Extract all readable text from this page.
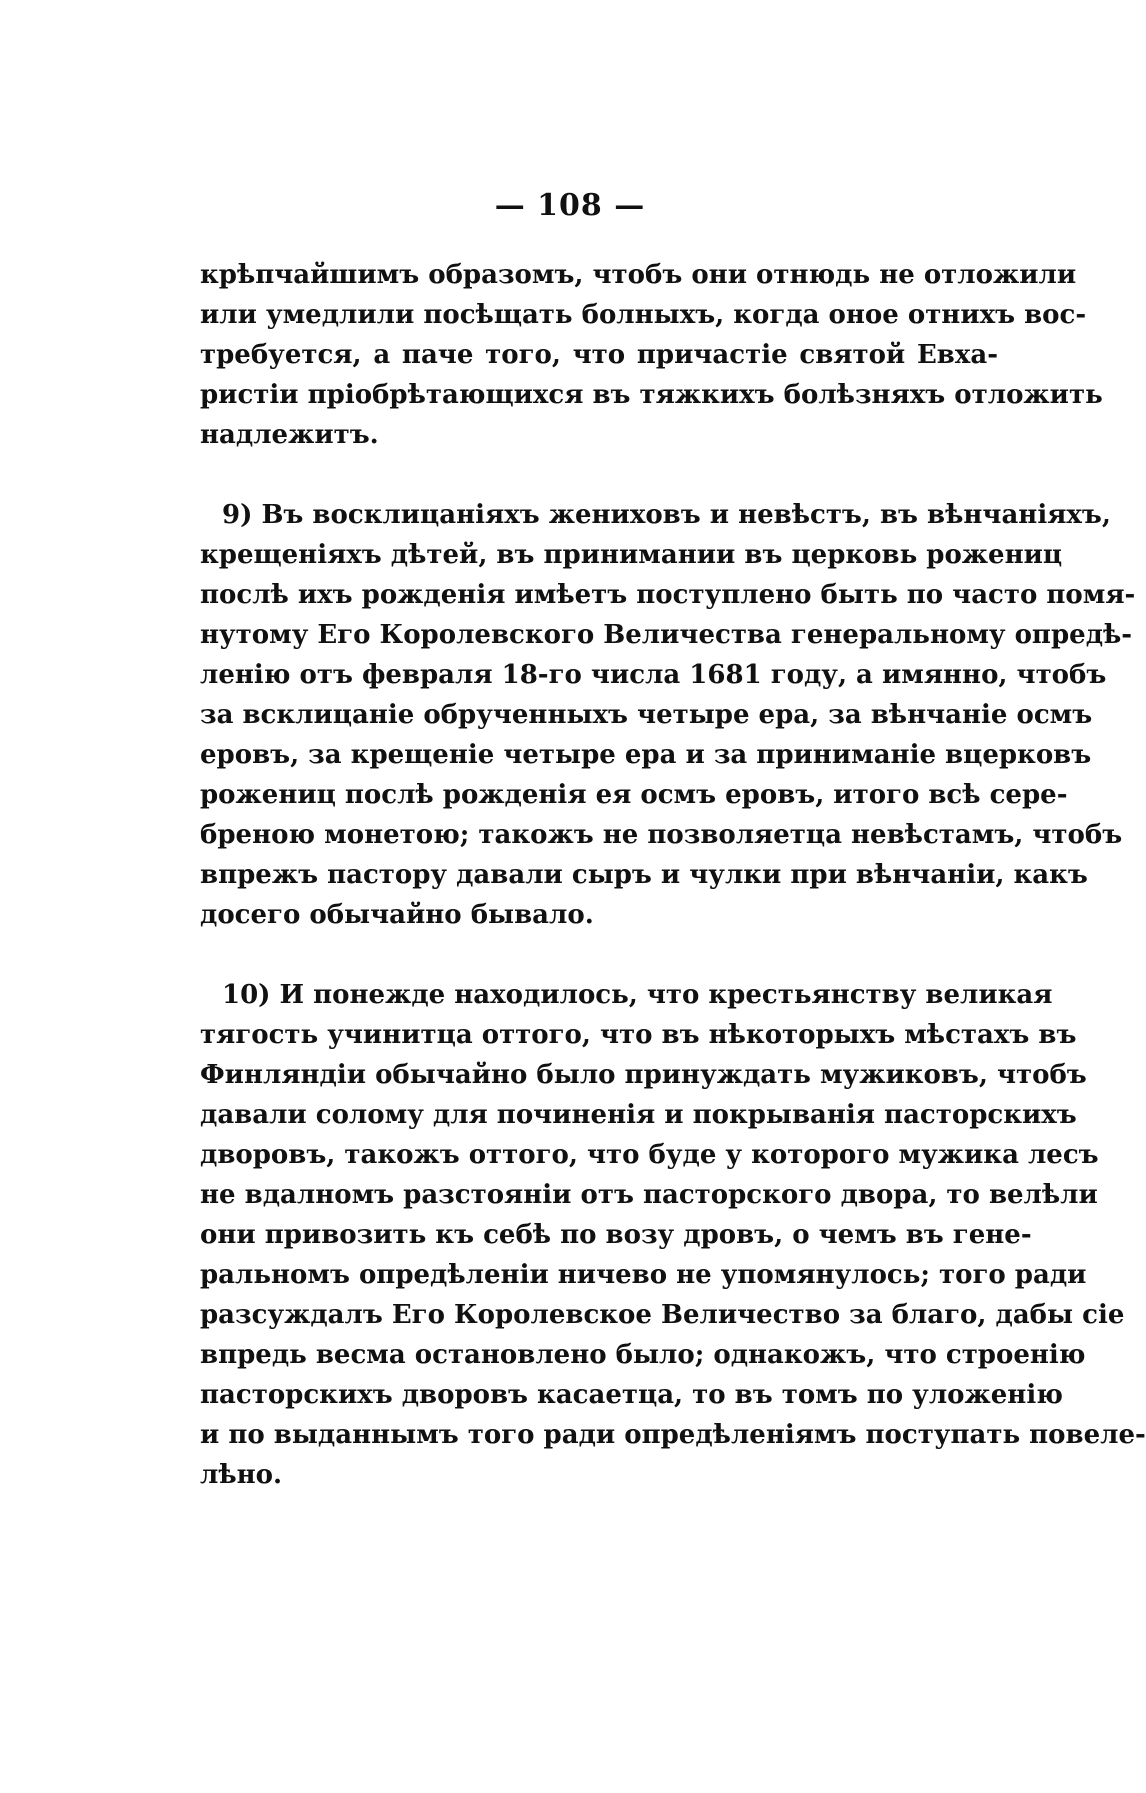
— 108 —
крѣпчайшимъ образомъ, чтобъ они отнюдь не отложили
или умедлили посѣщать болныхъ, когда оное отнихъ вос-
требуется, а паче того, что причастіе святой Евха-
ристіи пріобрѣтающихся въ тяжкихъ болѣзняхъ отложить
надлежитъ.
9) Въ восклицаніяхъ жениховъ и невѣстъ, въ вѣнчаніяхъ,
крещеніяхъ дѣтей, въ принимании въ церковь рожениц
послѣ ихъ рожденія имѣетъ поступлено быть по часто помя-
нутому Его Королевского Величества генеральному опредѣ-
ленію отъ февраля 18-го числа 1681 году, а имянно, чтобъ
за всклицаніе обрученныхъ четыре ера, за вѣнчаніе осмъ
еровъ, за крещеніе четыре ера и за приниманіе вцерковъ
рожениц послѣ рожденія ея осмъ еровъ, итого всѣ сере-
бреною монетою; такожъ не позволяетца невѣстамъ, чтобъ
впрежъ пастору давали сыръ и чулки при вѣнчаніи, какъ
досего обычайно бывало.
10) И понежде находилось, что крестьянству великая
тягость учинитца оттого, что въ нѣкоторыхъ мѣстахъ въ
Финляндіи обычайно было принуждать мужиковъ, чтобъ
давали солому для починенія и покрыванія пасторскихъ
дворовъ, такожъ оттого, что буде у которого мужика лесъ
не вдалномъ разстояніи отъ пасторского двора, то велѣли
они привозить къ себѣ по возу дровъ, о чемъ въ гене-
ральномъ опредѣленіи ничево не упомянулось; того ради
разсуждалъ Его Королевское Величество за благо, дабы сіе
впредь весма остановлено было; однакожъ, что строенію
пасторскихъ дворовъ касаетца, то въ томъ по уложенію
и по выданнымъ того ради опредѣленіямъ поступать повеле-
лѣно.
